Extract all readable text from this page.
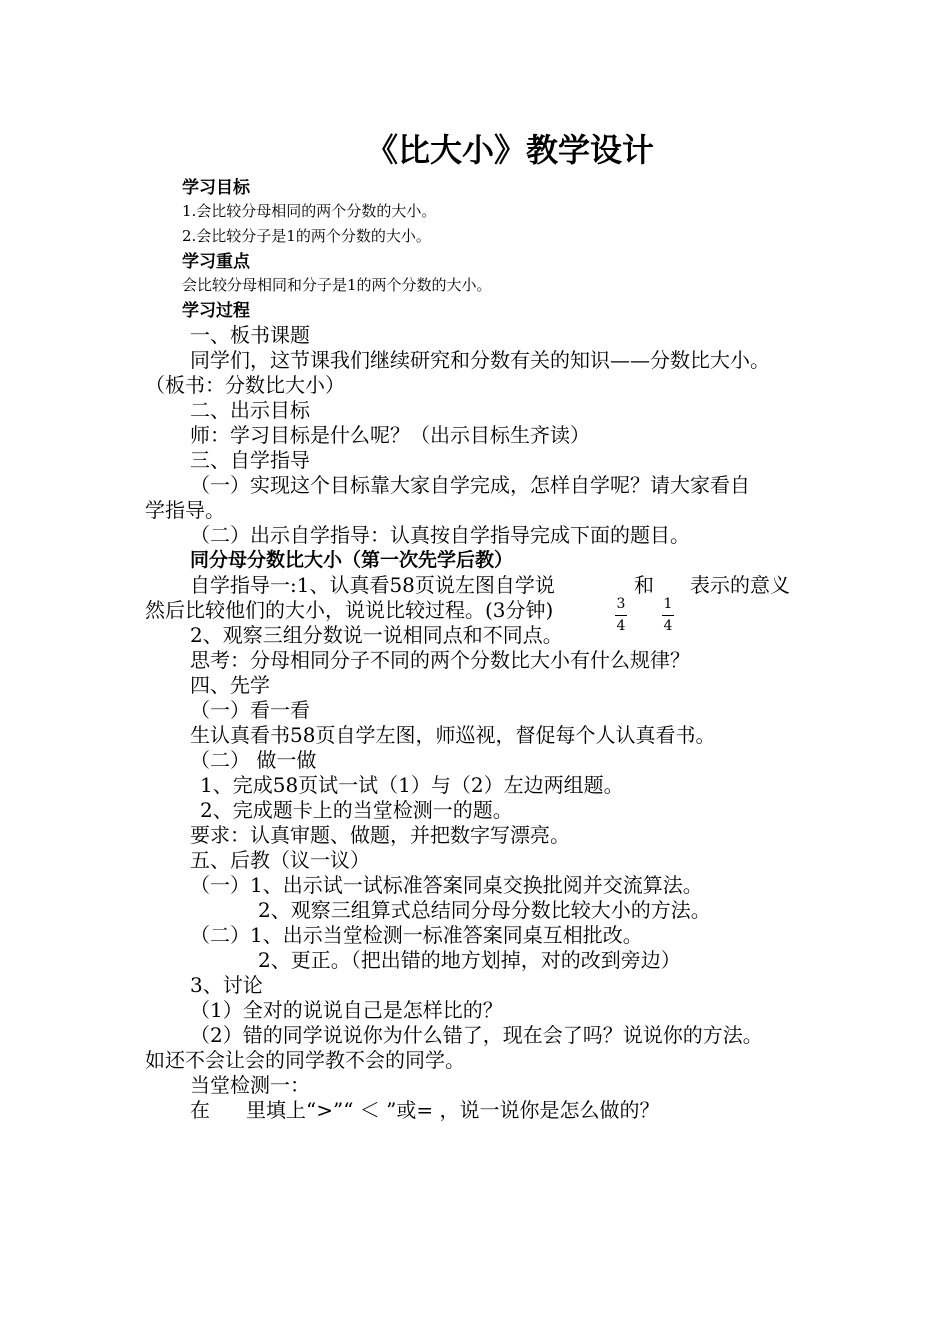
《比大小》教学设计
学习目标
1.会比较分母相同的两个分数的大小。
2.会比较分子是1的两个分数的大小。
学习重点
会比较分母相同和分子是1的两个分数的大小。
学习过程
一、板书课题
同学们，这节课我们继续研究和分数有关的知识——分数比大小。
（板书：分数比大小）
二、出示目标
师：学习目标是什么呢？（出示目标生齐读）
三、自学指导
（一）实现这个目标靠大家自学完成，怎样自学呢？请大家看自
学指导。
（二）出示自学指导：认真按自学指导完成下面的题目。
同分母分数比大小（第一次先学后教）
自学指导一:1、认真看58页说左图自学说	和 表示的意义
然后比较他们的大小，说说比较过程。(3分钟)	3
4
1
4
2、观察三组分数说一说相同点和不同点。
思考：分母相同分子不同的两个分数比大小有什么规律？
四、先学
（一）看一看
生认真看书58页自学左图，师巡视，督促每个人认真看书。
（二） 做一做
1、完成58页试一试（1）与（2）左边两组题。
2、完成题卡上的当堂检测一的题。
要求：认真审题、做题，并把数字写漂亮。
五、后教（议一议）
（一）1、出示试一试标准答案同桌交换批阅并交流算法。
2、观察三组算式总结同分母分数比较大小的方法。
（二）1、出示当堂检测一标准答案同桌互相批改。
2、更正。（把出错的地方划掉，对的改到旁边）
3、讨论
（1）全对的说说自己是怎样比的？
（2）错的同学说说你为什么错了，现在会了吗？说说你的方法。
如还不会让会的同学教不会的同学。
当堂检测一：
在 里填上“>”“ ＜ ”或= ，说一说你是怎么做的？
